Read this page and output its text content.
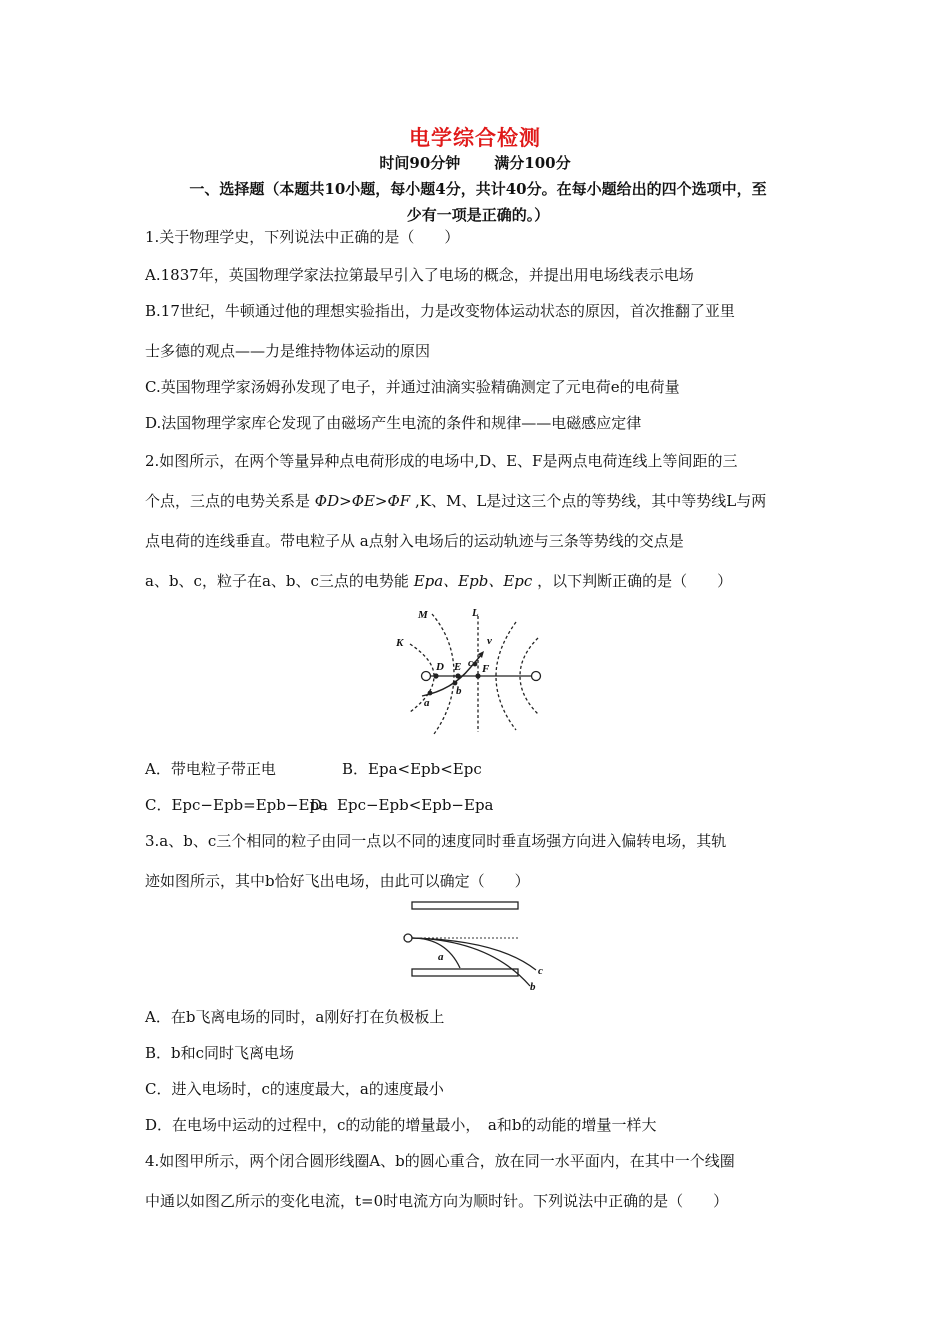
电学综合检测
时间90分钟 满分100分
一、选择题（本题共10小题，每小题4分，共计40分。在每小题给出的四个选项中，至
少有一项是正确的。）
1.关于物理学史，下列说法中正确的是（　　）
A.1837年，英国物理学家法拉第最早引入了电场的概念，并提出用电场线表示电场
B.17世纪，牛顿通过他的理想实验指出，力是改变物体运动状态的原因，首次推翻了亚里
士多德的观点——力是维持物体运动的原因
C.英国物理学家汤姆孙发现了电子，并通过油滴实验精确测定了元电荷e的电荷量
D.法国物理学家库仑发现了由磁场产生电流的条件和规律——电磁感应定律
2.如图所示，在两个等量异种点电荷形成的电场中,D、E、F是两点电荷连线上等间距的三
个点，三点的电势关系是 ΦD>ΦE>ΦF ,K、M、L是过这三个点的等势线，其中等势线L与两
点电荷的连线垂直。带电粒子从 a点射入电场后的运动轨迹与三条等势线的交点是
a、b、c，粒子在a、b、c三点的电势能 Epa、Epb、Epc ，以下判断正确的是（　　）
M	L
K	v
D E c F
b
a
A．带电粒子带正电	B．Epa<Epb<Epc
C．Epc−Epb=Epb−Epa
D．Epc−Epb<Epb−Epa
3.a、b、c三个相同的粒子由同一点以不同的速度同时垂直场强方向进入偏转电场，其轨
迹如图所示，其中b恰好飞出电场，由此可以确定（　　）
a
b
c
A．在b飞离电场的同时，a刚好打在负极板上
B．b和c同时飞离电场
C．进入电场时，c的速度最大，a的速度最小
D．在电场中运动的过程中，c的动能的增量最小，　a和b的动能的增量一样大
4.如图甲所示，两个闭合圆形线圈A、b的圆心重合，放在同一水平面内，在其中一个线圈
中通以如图乙所示的变化电流，t=0时电流方向为顺时针。下列说法中正确的是（　　）
